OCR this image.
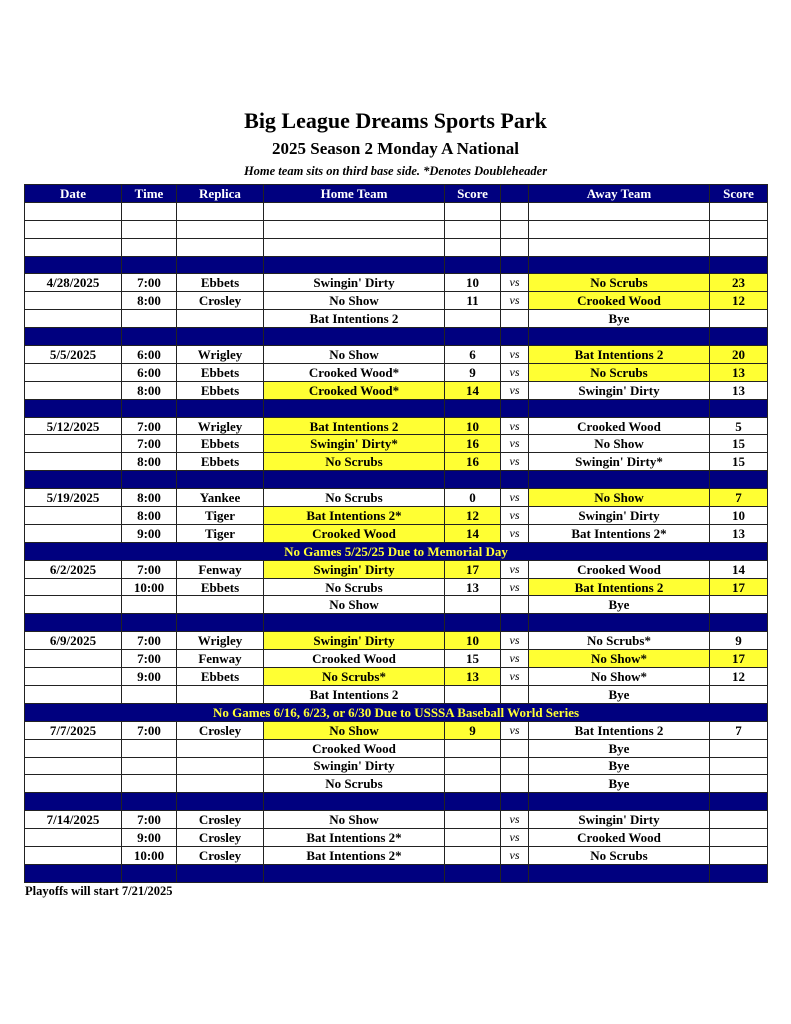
Big League Dreams Sports Park
2025 Season 2 Monday A National
Home team sits on third base side. *Denotes Doubleheader
Date	Time	Replica	Home Team	Score		Away Team	Score

4/28/2025	7:00	Ebbets	Swingin' Dirty	10	vs	No Scrubs	23
	8:00	Crosley	No Show	11	vs	Crooked Wood	12
			Bat Intentions 2			Bye	

5/5/2025	6:00	Wrigley	No Show	6	vs	Bat Intentions 2	20
	6:00	Ebbets	Crooked Wood*	9	vs	No Scrubs	13
	8:00	Ebbets	Crooked Wood*	14	vs	Swingin' Dirty	13

5/12/2025	7:00	Wrigley	Bat Intentions 2	10	vs	Crooked Wood	5
	7:00	Ebbets	Swingin' Dirty*	16	vs	No Show	15
	8:00	Ebbets	No Scrubs	16	vs	Swingin' Dirty*	15

5/19/2025	8:00	Yankee	No Scrubs	0	vs	No Show	7
	8:00	Tiger	Bat Intentions 2*	12	vs	Swingin' Dirty	10
	9:00	Tiger	Crooked Wood	14	vs	Bat Intentions 2*	13
No Games 5/25/25 Due to Memorial Day							
6/2/2025	7:00	Fenway	Swingin' Dirty	17	vs	Crooked Wood	14
	10:00	Ebbets	No Scrubs	13	vs	Bat Intentions 2	17
			No Show			Bye	

6/9/2025	7:00	Wrigley	Swingin' Dirty	10	vs	No Scrubs*	9
	7:00	Fenway	Crooked Wood	15	vs	No Show*	17
	9:00	Ebbets	No Scrubs*	13	vs	No Show*	12
			Bat Intentions 2			Bye	
No Games 6/16, 6/23, or 6/30 Due to USSSA Baseball World Series							
7/7/2025	7:00	Crosley	No Show	9	vs	Bat Intentions 2	7
			Crooked Wood			Bye	
			Swingin' Dirty			Bye	
			No Scrubs			Bye	

7/14/2025	7:00	Crosley	No Show		vs	Swingin' Dirty	
	9:00	Crosley	Bat Intentions 2*		vs	Crooked Wood	
	10:00	Crosley	Bat Intentions 2*		vs	No Scrubs	

Playoffs will start 7/21/2025
